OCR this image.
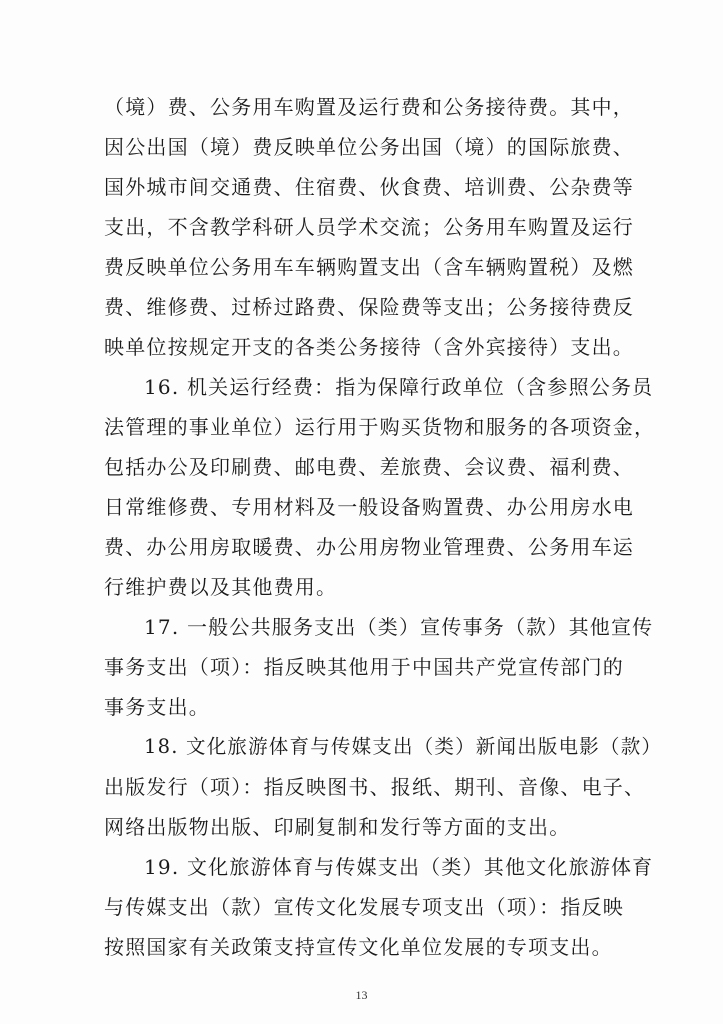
（境）费、公务用车购置及运行费和公务接待费。其中，
因公出国（境）费反映单位公务出国（境）的国际旅费、
国外城市间交通费、住宿费、伙食费、培训费、公杂费等
支出，不含教学科研人员学术交流；公务用车购置及运行
费反映单位公务用车车辆购置支出（含车辆购置税）及燃
费、维修费、过桥过路费、保险费等支出；公务接待费反
映单位按规定开支的各类公务接待（含外宾接待）支出。
16. 机关运行经费：指为保障行政单位（含参照公务员
法管理的事业单位）运行用于购买货物和服务的各项资金，
包括办公及印刷费、邮电费、差旅费、会议费、福利费、
日常维修费、专用材料及一般设备购置费、办公用房水电
费、办公用房取暖费、办公用房物业管理费、公务用车运
行维护费以及其他费用。
17. 一般公共服务支出（类）宣传事务（款）其他宣传
事务支出（项）：指反映其他用于中国共产党宣传部门的
事务支出。
18. 文化旅游体育与传媒支出（类）新闻出版电影（款）
出版发行（项）：指反映图书、报纸、期刊、音像、电子、
网络出版物出版、印刷复制和发行等方面的支出。
19. 文化旅游体育与传媒支出（类）其他文化旅游体育
与传媒支出（款）宣传文化发展专项支出（项）：指反映
按照国家有关政策支持宣传文化单位发展的专项支出。
13
